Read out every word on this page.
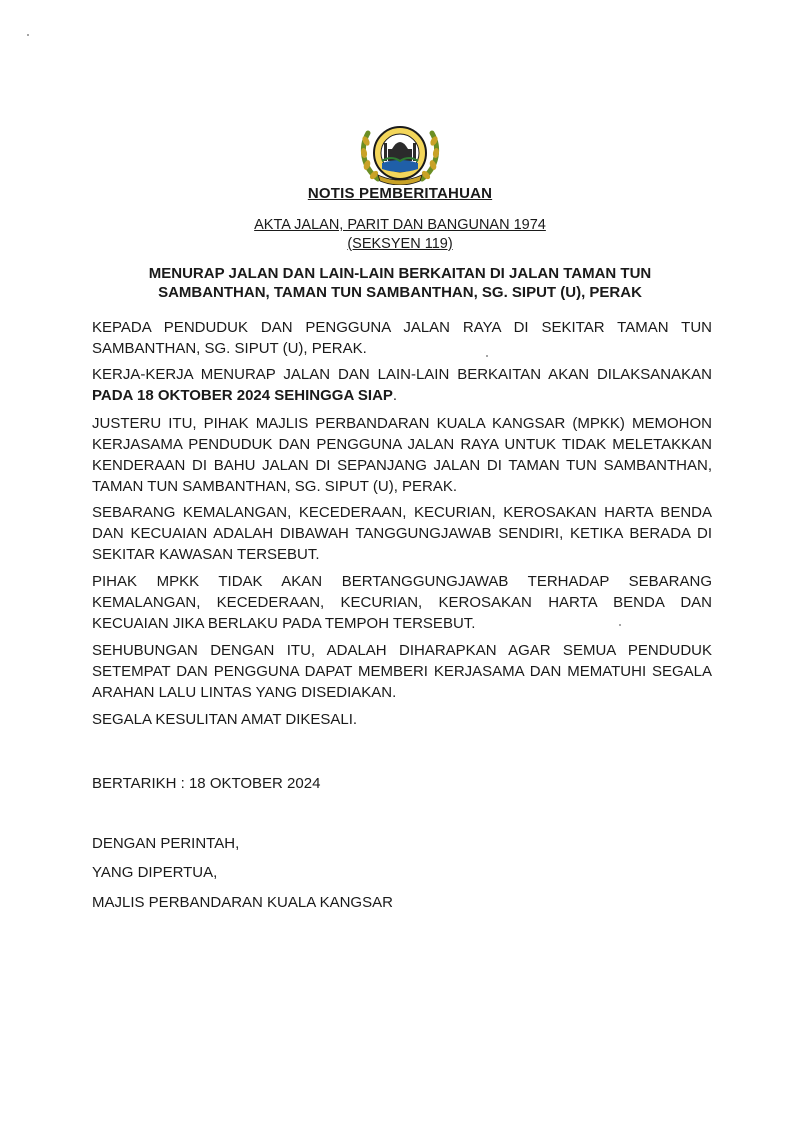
NOTIS PEMBERITAHUAN
AKTA JALAN, PARIT DAN BANGUNAN 1974
(SEKSYEN 119)
MENURAP JALAN DAN LAIN-LAIN BERKAITAN DI JALAN TAMAN TUN SAMBANTHAN, TAMAN TUN SAMBANTHAN, SG. SIPUT (U), PERAK

KEPADA PENDUDUK DAN PENGGUNA JALAN RAYA DI SEKITAR TAMAN TUN SAMBANTHAN, SG. SIPUT (U), PERAK.

KERJA-KERJA MENURAP JALAN DAN LAIN-LAIN BERKAITAN AKAN DILAKSANAKAN PADA 18 OKTOBER 2024 SEHINGGA SIAP.

JUSTERU ITU, PIHAK MAJLIS PERBANDARAN KUALA KANGSAR (MPKK) MEMOHON KERJASAMA PENDUDUK DAN PENGGUNA JALAN RAYA UNTUK TIDAK MELETAKKAN KENDERAAN DI BAHU JALAN DI SEPANJANG JALAN DI TAMAN TUN SAMBANTHAN, TAMAN TUN SAMBANTHAN, SG. SIPUT (U), PERAK.

SEBARANG KEMALANGAN, KECEDERAAN, KECURIAN, KEROSAKAN HARTA BENDA DAN KECUAIAN ADALAH DIBAWAH TANGGUNGJAWAB SENDIRI, KETIKA BERADA DI SEKITAR KAWASAN TERSEBUT.

PIHAK MPKK TIDAK AKAN BERTANGGUNGJAWAB TERHADAP SEBARANG KEMALANGAN, KECEDERAAN, KECURIAN, KEROSAKAN HARTA BENDA DAN KECUAIAN JIKA BERLAKU PADA TEMPOH TERSEBUT.

SEHUBUNGAN DENGAN ITU, ADALAH DIHARAPKAN AGAR SEMUA PENDUDUK SETEMPAT DAN PENGGUNA DAPAT MEMBERI KERJASAMA DAN MEMATUHI SEGALA ARAHAN LALU LINTAS YANG DISEDIAKAN.

SEGALA KESULITAN AMAT DIKESALI.

BERTARIKH : 18 OKTOBER 2024
DENGAN PERINTAH,
YANG DIPERTUA,
MAJLIS PERBANDARAN KUALA KANGSAR
